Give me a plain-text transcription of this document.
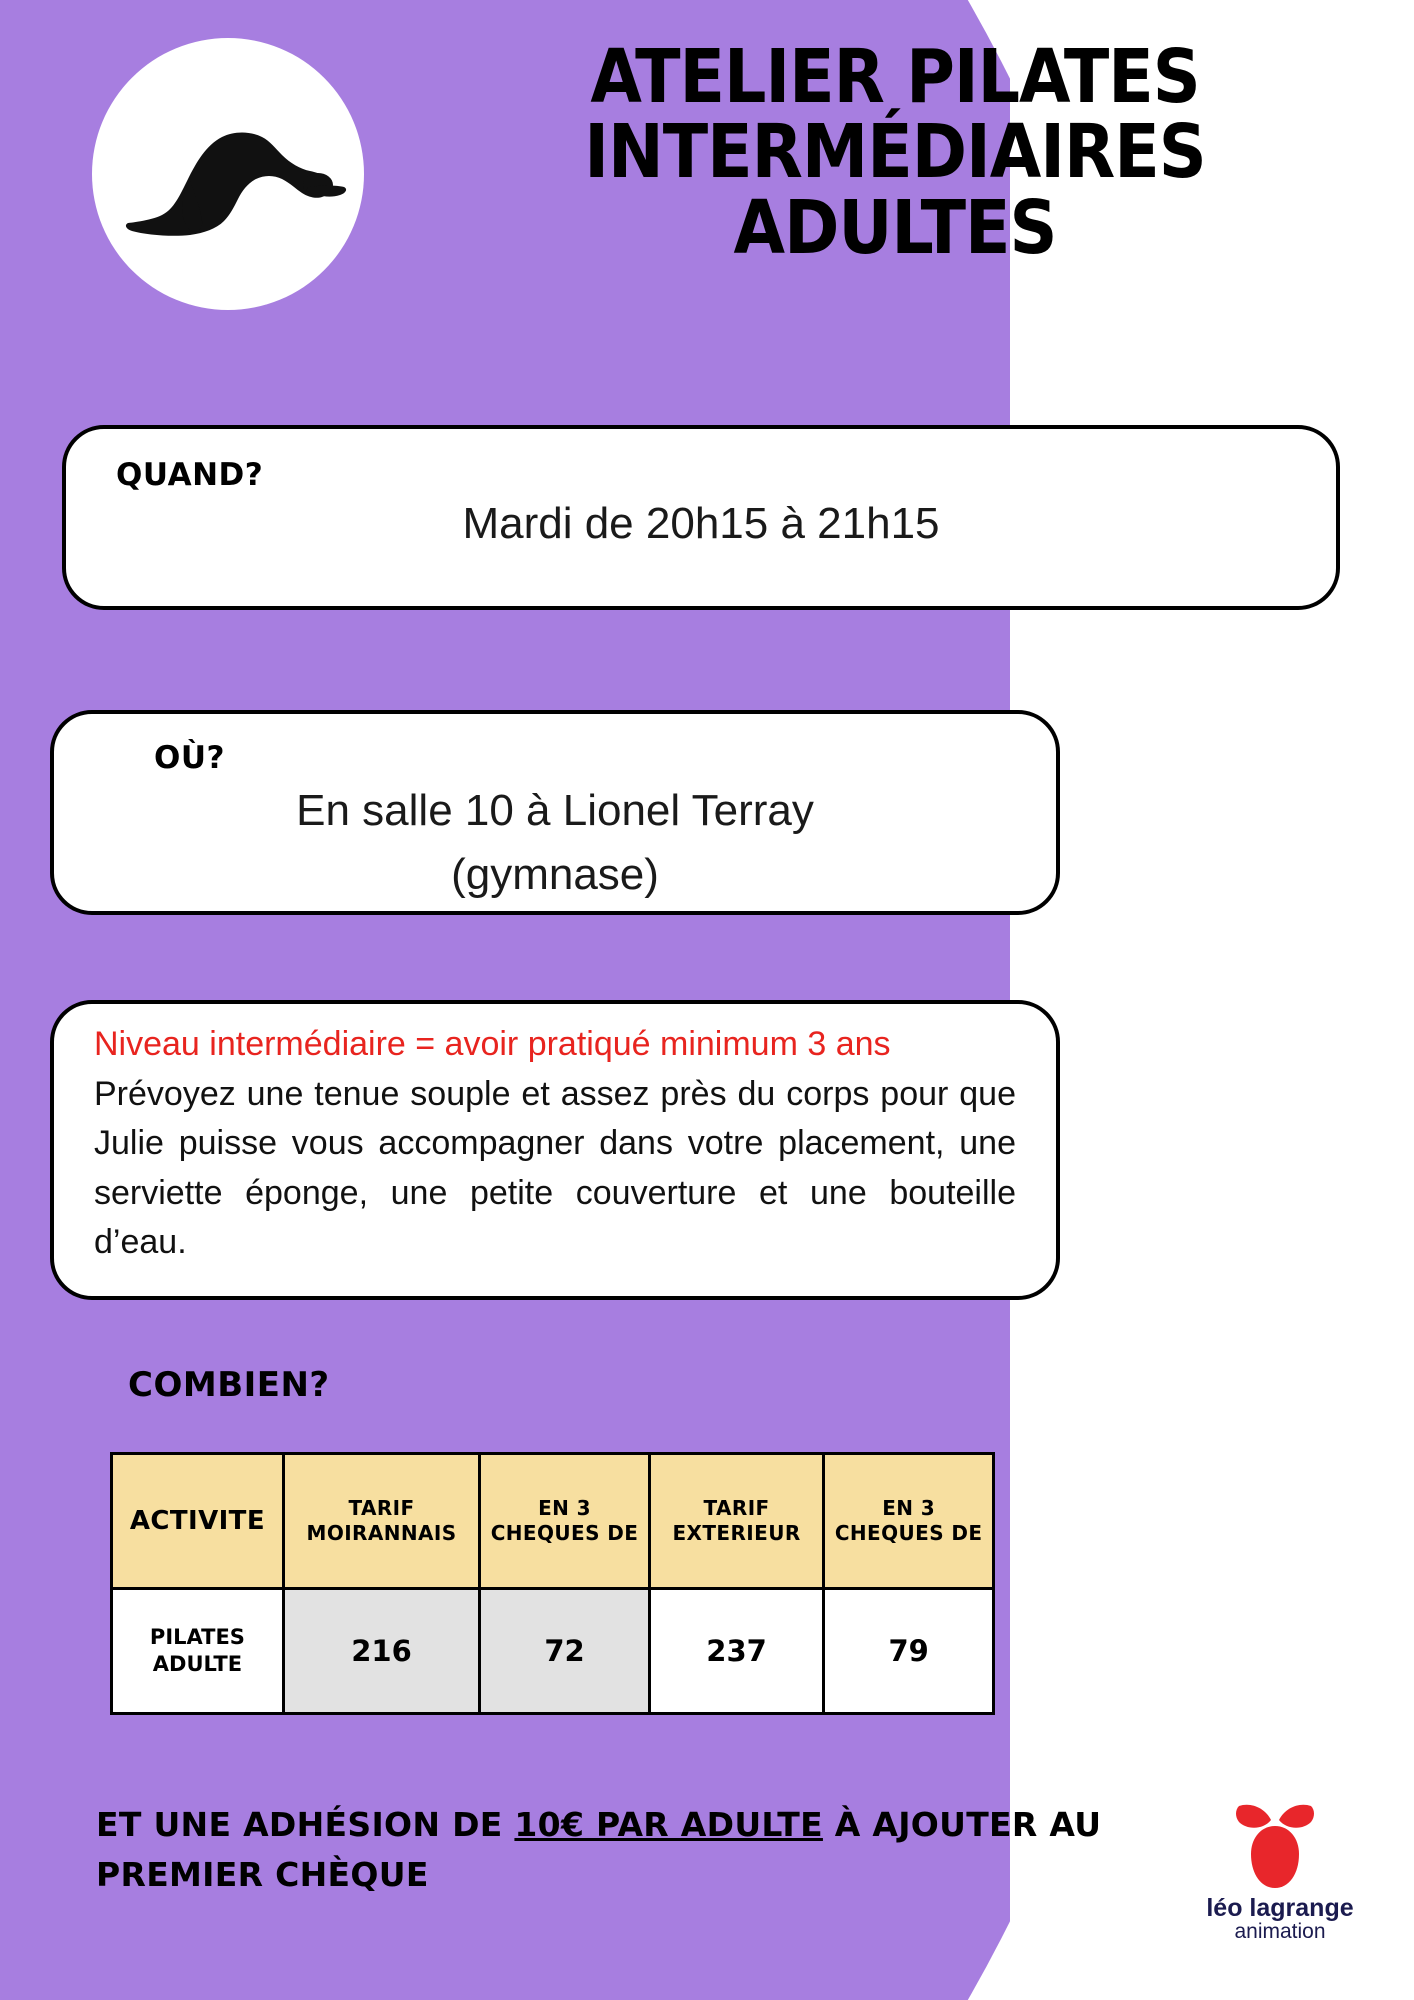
ATELIER PILATES
INTERMÉDIAIRES
ADULTES
QUAND?
Mardi de 20h15 à 21h15
OÙ?
En salle 10 à Lionel Terray
(gymnase)
Niveau intermédiaire = avoir pratiqué minimum 3 ans
Prévoyez une tenue souple et assez près du corps pour que Julie puisse vous accompagner dans votre placement, une serviette éponge, une petite couverture et une bouteille d’eau.
COMBIEN?
ACTIVITE	TARIF MOIRANNAIS	EN 3 CHEQUES DE	TARIF EXTERIEUR	EN 3 CHEQUES DE
PILATES ADULTE	216	72	237	79
ET UNE ADHÉSION DE 10€ PAR ADULTE À AJOUTER AU PREMIER CHÈQUE
léo lagrange
animation
